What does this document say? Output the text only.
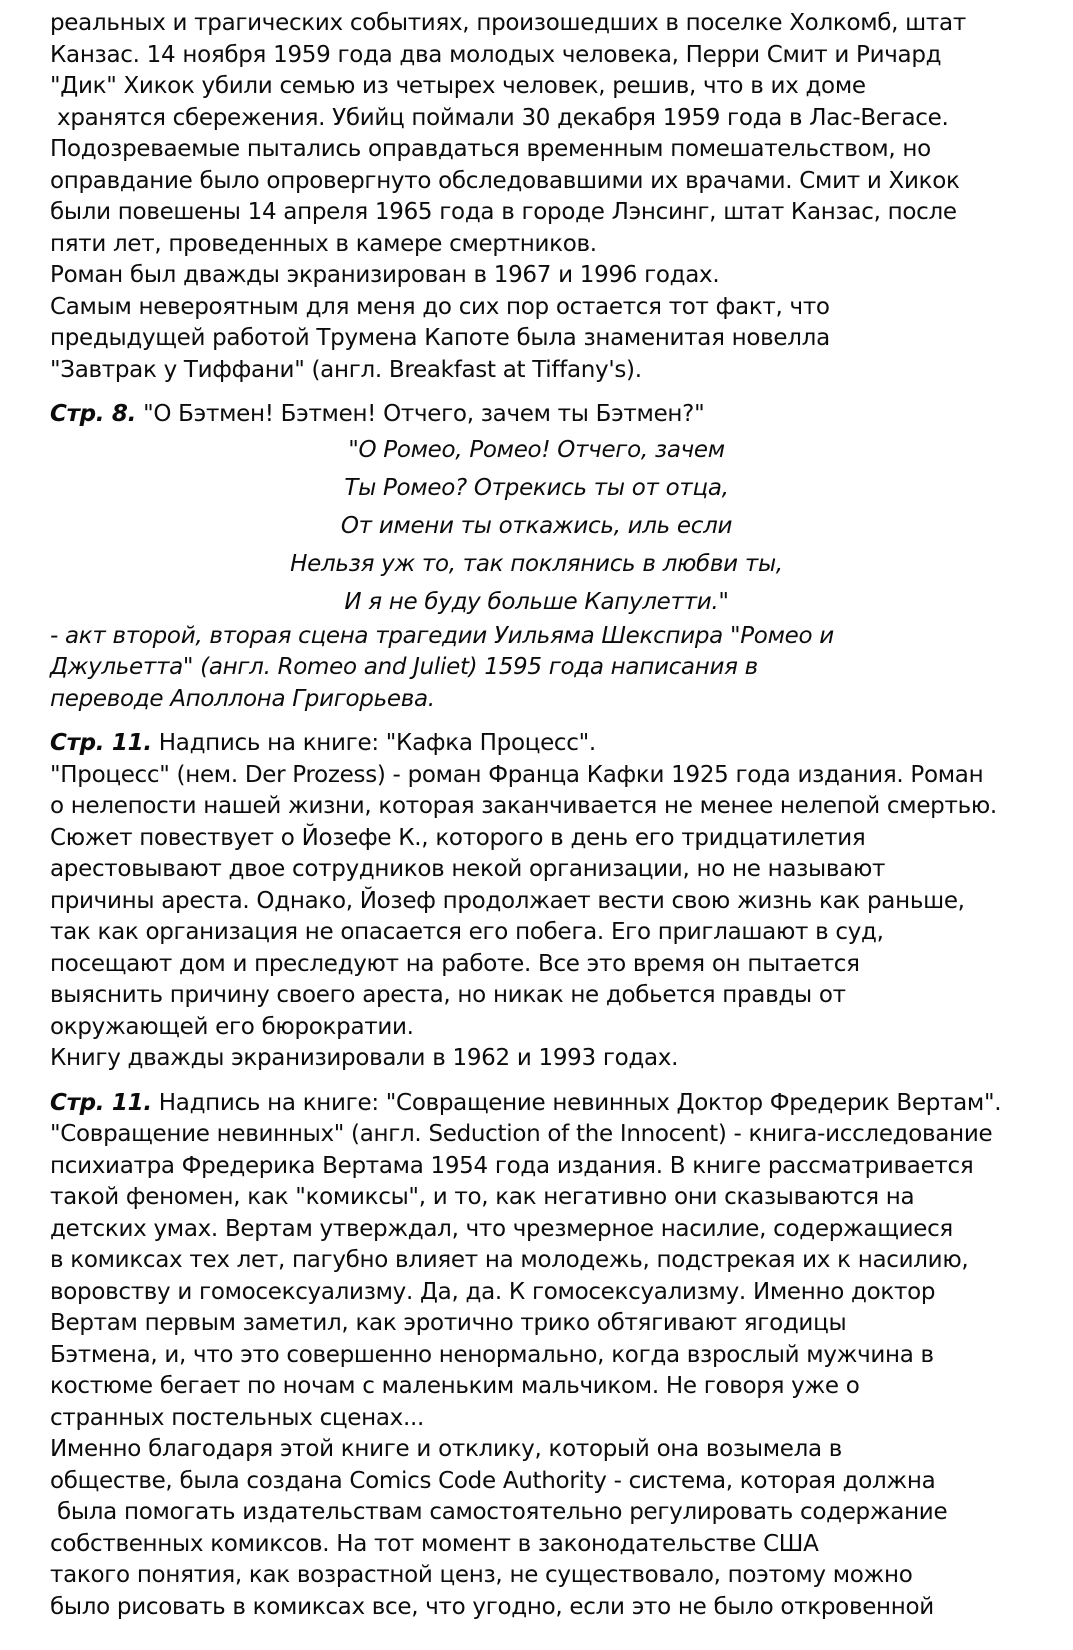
реальных и трагических событиях, произошедших в поселке Холкомб, штат
Канзас. 14 ноября 1959 года два молодых человека, Перри Смит и Ричард
"Дик" Хикок убили семью из четырех человек, решив, что в их доме
хранятся сбережения. Убийц поймали 30 декабря 1959 года в Лас-Вегасе.
Подозреваемые пытались оправдаться временным помешательством, но
оправдание было опровергнуто обследовавшими их врачами. Смит и Хикок
были повешены 14 апреля 1965 года в городе Лэнсинг, штат Канзас, после
пяти лет, проведенных в камере смертников.
Роман был дважды экранизирован в 1967 и 1996 годах.
Самым невероятным для меня до сих пор остается тот факт, что
предыдущей работой Трумена Капоте была знаменитая новелла
"Завтрак у Тиффани" (англ. Breakfast at Tiffany's).
Стр. 8. "О Бэтмен! Бэтмен! Отчего, зачем ты Бэтмен?"
"О Ромео, Ромео! Отчего, зачем
Ты Ромео? Отрекись ты от отца,
От имени ты откажись, иль если
Нельзя уж то, так поклянись в любви ты,
И я не буду больше Капулетти."
- акт второй, вторая сцена трагедии Уильяма Шекспира "Ромео и
Джульетта" (англ. Romeo and Juliet) 1595 года написания в
переводе Аполлона Григорьева.
Стр. 11. Надпись на книге: "Кафка Процесс".
"Процесс" (нем. Der Prozess) - роман Франца Кафки 1925 года издания. Роман
о нелепости нашей жизни, которая заканчивается не менее нелепой смертью.
Сюжет повествует о Йозефе К., которого в день его тридцатилетия
арестовывают двое сотрудников некой организации, но не называют
причины ареста. Однако, Йозеф продолжает вести свою жизнь как раньше,
так как организация не опасается его побега. Его приглашают в суд,
посещают дом и преследуют на работе. Все это время он пытается
выяснить причину своего ареста, но никак не добьется правды от
окружающей его бюрократии.
Книгу дважды экранизировали в 1962 и 1993 годах.
Стр. 11. Надпись на книге: "Совращение невинных Доктор Фредерик Вертам".
"Совращение невинных" (англ. Seduction of the Innocent) - книга-исследование
психиатра Фредерика Вертама 1954 года издания. В книге рассматривается
такой феномен, как "комиксы", и то, как негативно они сказываются на
детских умах. Вертам утверждал, что чрезмерное насилие, содержащиеся
в комиксах тех лет, пагубно влияет на молодежь, подстрекая их к насилию,
воровству и гомосексуализму. Да, да. К гомосексуализму. Именно доктор
Вертам первым заметил, как эротично трико обтягивают ягодицы
Бэтмена, и, что это совершенно ненормально, когда взрослый мужчина в
костюме бегает по ночам с маленьким мальчиком. Не говоря уже о
странных постельных сценах...
Именно благодаря этой книге и отклику, который она возымела в
обществе, была создана Comics Code Authority - система, которая должна
была помогать издательствам самостоятельно регулировать содержание
собственных комиксов. На тот момент в законодательстве США
такого понятия, как возрастной ценз, не существовало, поэтому можно
было рисовать в комиксах все, что угодно, если это не было откровенной
